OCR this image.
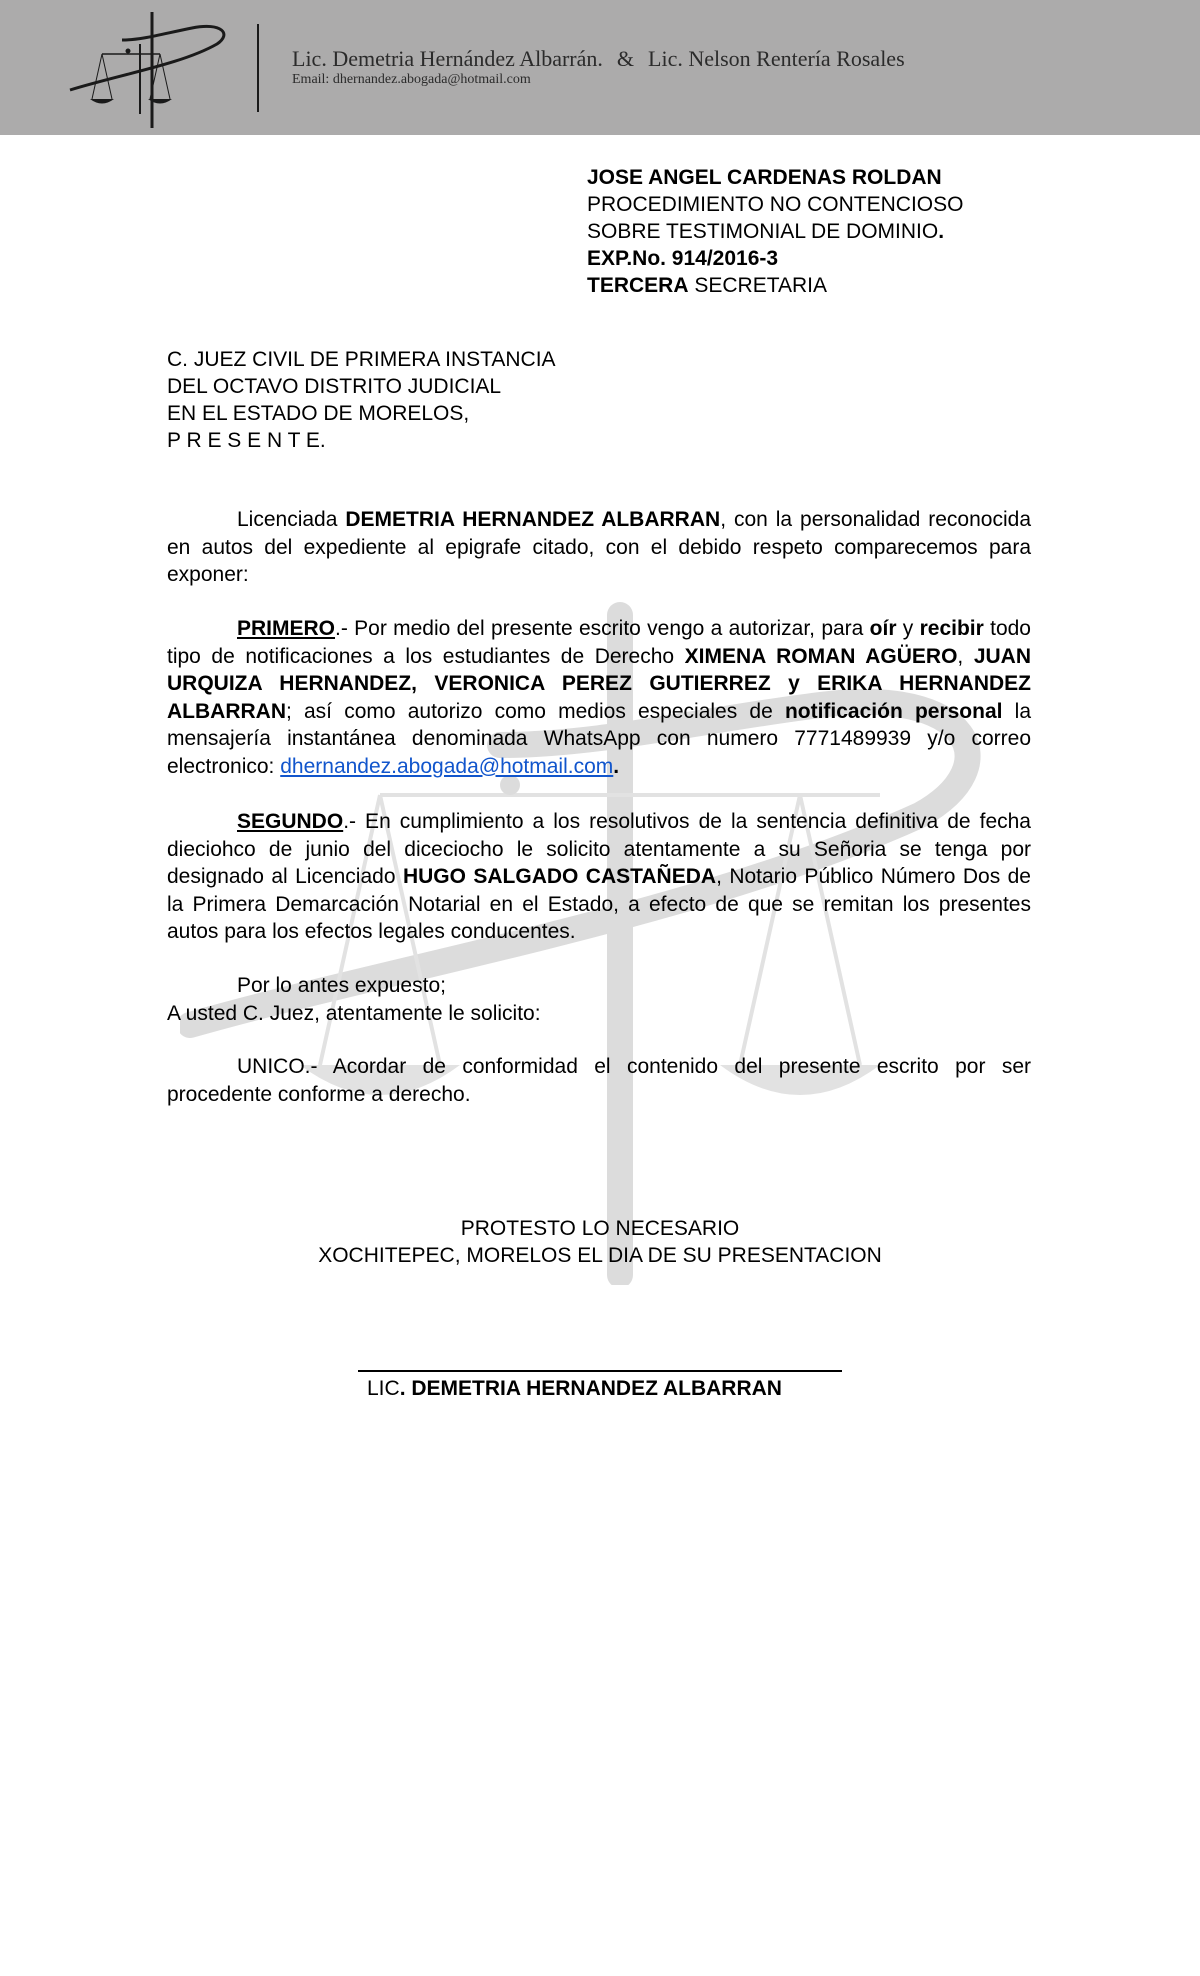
Lic. Demetria Hernández Albarrán. & Lic. Nelson Rentería Rosales
Email: dhernandez.abogada@hotmail.com
JOSE ANGEL CARDENAS ROLDAN
PROCEDIMIENTO NO CONTENCIOSO
SOBRE TESTIMONIAL DE DOMINIO.
EXP.No. 914/2016-3
TERCERA SECRETARIA
C. JUEZ CIVIL DE PRIMERA INSTANCIA
DEL OCTAVO DISTRITO JUDICIAL
EN EL ESTADO DE MORELOS,
P R E S E N T E.
Licenciada DEMETRIA HERNANDEZ ALBARRAN, con la personalidad reconocida en autos del expediente al epigrafe citado, con el debido respeto comparecemos para exponer:
PRIMERO.- Por medio del presente escrito vengo a autorizar, para oír y recibir todo tipo de notificaciones a los estudiantes de Derecho XIMENA ROMAN AGÜERO, JUAN URQUIZA HERNANDEZ, VERONICA PEREZ GUTIERREZ y ERIKA HERNANDEZ ALBARRAN; así como autorizo como medios especiales de notificación personal la mensajería instantánea denominada WhatsApp con numero 7771489939 y/o correo electronico: dhernandez.abogada@hotmail.com.
SEGUNDO.- En cumplimiento a los resolutivos de la sentencia definitiva de fecha dieciohco de junio del diceciocho le solicito atentamente a su Señoria se tenga por designado al Licenciado HUGO SALGADO CASTAÑEDA, Notario Público Número Dos de la Primera Demarcación Notarial en el Estado, a efecto de que se remitan los presentes autos para los efectos legales conducentes.
Por lo antes expuesto;
A usted C. Juez, atentamente le solicito:
UNICO.- Acordar de conformidad el contenido del presente escrito por ser procedente conforme a derecho.
PROTESTO LO NECESARIO
XOCHITEPEC, MORELOS EL DIA DE SU PRESENTACION
LIC. DEMETRIA HERNANDEZ ALBARRAN
